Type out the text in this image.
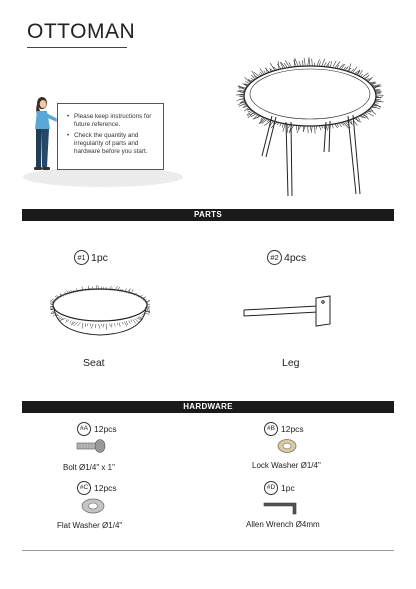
OTTOMAN
• Please keep instructions for future reference.
• Check the quantity and irregularity of parts and hardware before you start.
PARTS
#1 1pc	#2 4pcs
Seat	Leg
HARDWARE
#A 12pcs
Bolt Ø1/4" x 1"
#B 12pcs
Lock Washer Ø1/4"
#C 12pcs
Flat Washer Ø1/4"
#D 1pc
Allen Wrench Ø4mm
